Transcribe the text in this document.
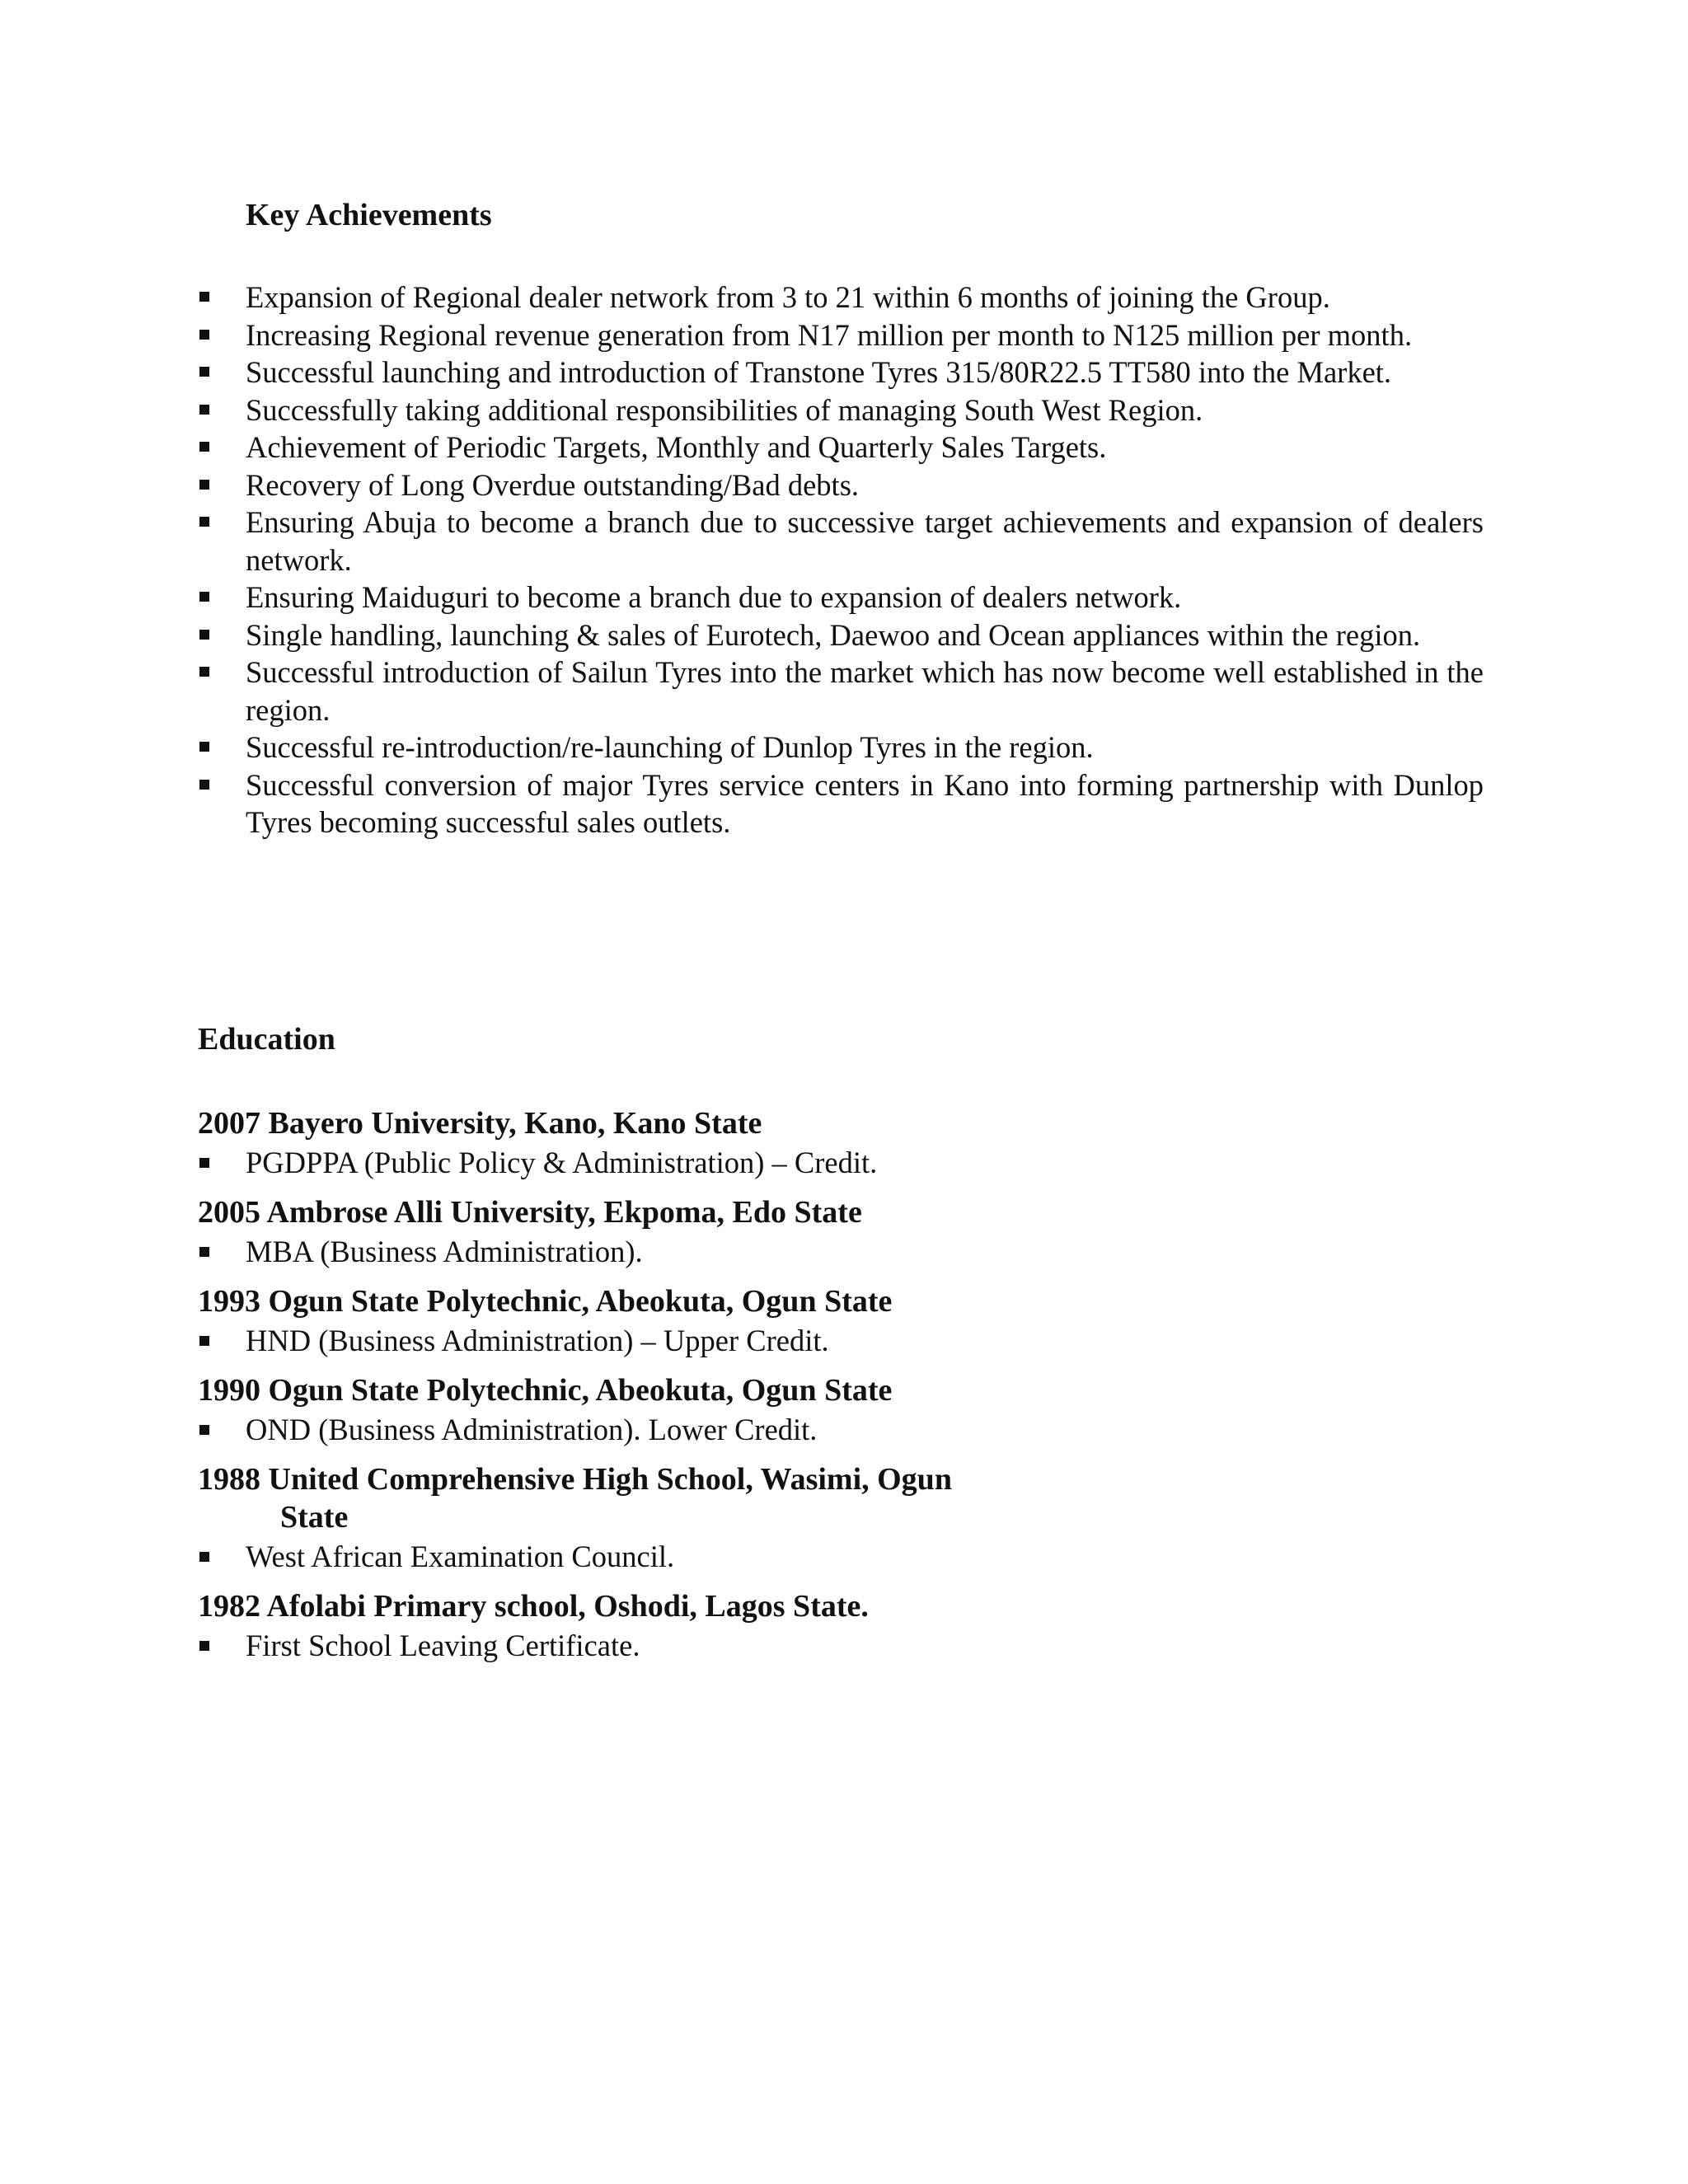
Key Achievements
Expansion of Regional dealer network from 3 to 21 within 6 months of joining the Group.
Increasing Regional revenue generation from N17 million per month to N125 million per month.
Successful launching and introduction of Transtone Tyres 315/80R22.5 TT580 into the Market.
Successfully taking additional responsibilities of managing South West Region.
Achievement of Periodic Targets, Monthly and Quarterly Sales Targets.
Recovery of Long Overdue outstanding/Bad debts.
Ensuring Abuja to become a branch due to successive target achievements and expansion of dealers network.
Ensuring Maiduguri to become a branch due to expansion of dealers network.
Single handling, launching & sales of Eurotech, Daewoo and Ocean appliances within the region.
Successful introduction of Sailun Tyres into the market which has now become well established in the region.
Successful re-introduction/re-launching of Dunlop Tyres in the region.
Successful conversion of major Tyres service centers in Kano into forming partnership with Dunlop Tyres becoming successful sales outlets.
Education
2007 Bayero University, Kano, Kano State
PGDPPA (Public Policy & Administration) – Credit.
2005 Ambrose Alli University, Ekpoma, Edo State
MBA (Business Administration).
1993 Ogun State Polytechnic, Abeokuta, Ogun State
HND (Business Administration) – Upper Credit.
1990 Ogun State Polytechnic, Abeokuta, Ogun State
OND (Business Administration). Lower Credit.
1988 United Comprehensive High School, Wasimi, Ogun
State
West African Examination Council.
1982 Afolabi Primary school, Oshodi, Lagos State.
First School Leaving Certificate.
